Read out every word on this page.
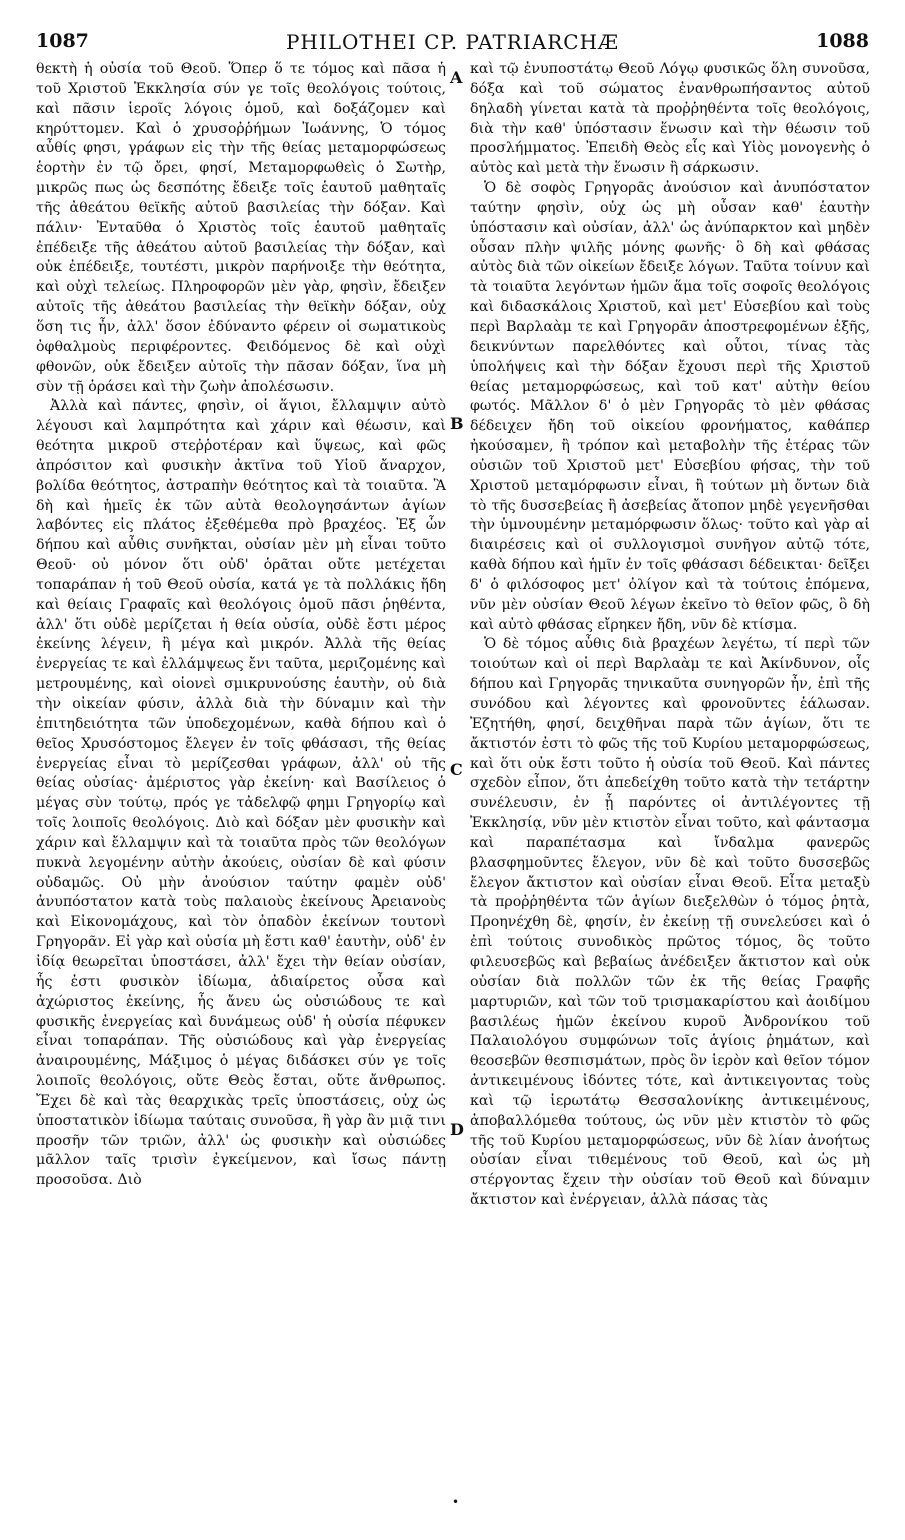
1087	PHILOTHEI CP. PATRIARCHÆ	1088

θεκτὴ ἡ οὐσία τοῦ Θεοῦ. Ὅπερ ὅ τε τόμος καὶ πᾶσα ἡ τοῦ Χριστοῦ Ἐκκλησία σύν γε τοῖς θεολόγοις τούτοις, καὶ πᾶσιν ἱεροῖς λόγοις ὁμοῦ, καὶ δοξάζομεν καὶ κηρύττομεν. Καὶ ὁ χρυσοῤῥήμων Ἰωάννης, Ὁ τόμος αὖθίς φησι, γράφων εἰς τὴν τῆς θείας μεταμορφώσεως ἑορτὴν ἐν τῷ ὄρει, φησί, Μεταμορφωθεὶς ὁ Σωτὴρ, μικρῶς πως ὡς δεσπότης ἔδειξε τοῖς ἑαυτοῦ μαθηταῖς τῆς ἀθεάτου θεϊκῆς αὐτοῦ βασιλείας τὴν δόξαν. Καὶ πάλιν· Ἐνταῦθα ὁ Χριστὸς τοῖς ἑαυτοῦ μαθηταῖς ἐπέδειξε τῆς ἀθεάτου αὐτοῦ βασιλείας τὴν δόξαν, καὶ οὐκ ἐπέδειξε, τουτέστι, μικρὸν παρήνοιξε τὴν θεότητα, καὶ οὐχὶ τελείως. Πληροφορῶν μὲν γὰρ, φησὶν, ἔδειξεν αὐτοῖς τῆς ἀθεάτου βασιλείας τὴν θεϊκὴν δόξαν, οὐχ ὅση τις ἦν, ἀλλ' ὅσον ἐδύναντο φέρειν οἱ σωματικοὺς ὀφθαλμοὺς περιφέροντες. Φειδόμενος δὲ καὶ οὐχὶ φθονῶν, οὐκ ἔδειξεν αὐτοῖς τὴν πᾶσαν δόξαν, ἵνα μὴ σὺν τῇ ὁράσει καὶ τὴν ζωὴν ἀπολέσωσιν.

Ἀλλὰ καὶ πάντες, φησὶν, οἱ ἅγιοι, ἔλλαμψιν αὐτὸ λέγουσι καὶ λαμπρότητα καὶ χάριν καὶ θέωσιν, καὶ θεότητα μικροῦ στεῤῥοτέραν καὶ ὕψεως, καὶ φῶς ἀπρόσιτον καὶ φυσικὴν ἀκτῖνα τοῦ Υἱοῦ ἄναρχον, βολίδα θεότητος, ἀστραπὴν θεότητος καὶ τὰ τοιαῦτα. Ἃ δὴ καὶ ἡμεῖς ἐκ τῶν αὐτὰ θεολογησάντων ἁγίων λαβόντες εἰς πλάτος ἐξεθέμεθα πρὸ βραχέος. Ἐξ ὧν δήπου καὶ αὖθις συνῆκται, οὐσίαν μὲν μὴ εἶναι τοῦτο Θεοῦ· οὐ μόνον ὅτι οὐδ' ὁρᾶται οὔτε μετέχεται τοπαράπαν ἡ τοῦ Θεοῦ οὐσία, κατά γε τὰ πολλάκις ἤδη καὶ θείαις Γραφαῖς καὶ θεολόγοις ὁμοῦ πᾶσι ῥηθέντα, ἀλλ' ὅτι οὐδὲ μερίζεται ἡ θεία οὐσία, οὐδὲ ἔστι μέρος ἐκείνης λέγειν, ἢ μέγα καὶ μικρόν. Ἀλλὰ τῆς θείας ἐνεργείας τε καὶ ἐλλάμψεως ἔνι ταῦτα, μεριζομένης καὶ μετρουμένης, καὶ οἱονεὶ σμικρυνούσης ἑαυτὴν, οὐ διὰ τὴν οἰκείαν φύσιν, ἀλλὰ διὰ τὴν δύναμιν καὶ τὴν ἐπιτηδειότητα τῶν ὑποδεχομένων, καθὰ δήπου καὶ ὁ θεῖος Χρυσόστομος ἔλεγεν ἐν τοῖς φθάσασι, τῆς θείας ἐνεργείας εἶναι τὸ μερίζεσθαι γράφων, ἀλλ' οὐ τῆς θείας οὐσίας· ἀμέριστος γὰρ ἐκείνη· καὶ Βασίλειος ὁ μέγας σὺν τούτῳ, πρός γε τἀδελφῷ φημι Γρηγορίῳ καὶ τοῖς λοιποῖς θεολόγοις. Διὸ καὶ δόξαν μὲν φυσικὴν καὶ χάριν καὶ ἔλλαμψιν καὶ τὰ τοιαῦτα πρὸς τῶν θεολόγων πυκνὰ λεγομένην αὐτὴν ἀκούεις, οὐσίαν δὲ καὶ φύσιν οὐδαμῶς. Οὐ μὴν ἀνούσιον ταύτην φαμὲν οὐδ' ἀνυπόστατον κατὰ τοὺς παλαιοὺς ἐκείνους Ἀρειανοὺς καὶ Εἰκονομάχους, καὶ τὸν ὀπαδὸν ἐκείνων τουτονὶ Γρηγορᾶν. Εἰ γὰρ καὶ οὐσία μὴ ἔστι καθ' ἑαυτὴν, οὐδ' ἐν ἰδίᾳ θεωρεῖται ὑποστάσει, ἀλλ' ἔχει τὴν θείαν οὐσίαν, ἧς ἐστι φυσικὸν ἰδίωμα, ἀδιαίρετος οὖσα καὶ ἀχώριστος ἐκείνης, ἧς ἄνευ ὡς οὐσιώδους τε καὶ φυσικῆς ἐνεργείας καὶ δυνάμεως οὐδ' ἡ οὐσία πέφυκεν εἶναι τοπαράπαν. Τῆς οὐσιώδους καὶ γὰρ ἐνεργείας ἀναιρουμένης, Μάξιμος ὁ μέγας διδάσκει σύν γε τοῖς λοιποῖς θεολόγοις, οὔτε Θεὸς ἔσται, οὔτε ἄνθρωπος. Ἔχει δὲ καὶ τὰς θεαρχικὰς τρεῖς ὑποστάσεις, οὐχ ὡς ὑποστατικὸν ἰδίωμα ταύταις συνοῦσα, ἢ γὰρ ἂν μιᾷ τινι προσῆν τῶν τριῶν, ἀλλ' ὡς φυσικὴν καὶ οὐσιώδες μᾶλλον ταῖς τρισὶν ἐγκείμενον, καὶ ἴσως πάντῃ προσοῦσα. Διὸ

A
B
C
D

καὶ τῷ ἐνυποστάτῳ Θεοῦ Λόγῳ φυσικῶς ὅλη συνοῦσα, δόξα καὶ τοῦ σώματος ἐνανθρωπήσαντος αὐτοῦ δηλαδὴ γίνεται κατὰ τὰ προῤῥηθέντα τοῖς θεολόγοις, διὰ τὴν καθ' ὑπόστασιν ἕνωσιν καὶ τὴν θέωσιν τοῦ προσλήμματος. Ἐπειδὴ Θεὸς εἷς καὶ Υἱὸς μονογενὴς ὁ αὐτὸς καὶ μετὰ τὴν ἕνωσιν ἢ σάρκωσιν.

Ὁ δὲ σοφὸς Γρηγορᾶς ἀνούσιον καὶ ἀνυπόστατον ταύτην φησὶν, οὐχ ὡς μὴ οὖσαν καθ' ἑαυτὴν ὑπόστασιν καὶ οὐσίαν, ἀλλ' ὡς ἀνύπαρκτον καὶ μηδὲν οὖσαν πλὴν ψιλῆς μόνης φωνῆς· ὃ δὴ καὶ φθάσας αὐτὸς διὰ τῶν οἰκείων ἔδειξε λόγων. Ταῦτα τοίνυν καὶ τὰ τοιαῦτα λεγόντων ἡμῶν ἅμα τοῖς σοφοῖς θεολόγοις καὶ διδασκάλοις Χριστοῦ, καὶ μετ' Εὐσεβίου καὶ τοὺς περὶ Βαρλαὰμ τε καὶ Γρηγορᾶν ἀποστρεφομένων ἐξῆς, δεικνύντων παρελθόντες καὶ οὗτοι, τίνας τὰς ὑπολήψεις καὶ τὴν δόξαν ἔχουσι περὶ τῆς Χριστοῦ θείας μεταμορφώσεως, καὶ τοῦ κατ' αὐτὴν θείου φωτός. Μᾶλλον δ' ὁ μὲν Γρηγορᾶς τὸ μὲν φθάσας δέδειχεν ἤδη τοῦ οἰκείου φρονήματος, καθάπερ ἠκούσαμεν, ἢ τρόπον καὶ μεταβολὴν τῆς ἑτέρας τῶν οὐσιῶν τοῦ Χριστοῦ μετ' Εὐσεβίου φήσας, τὴν τοῦ Χριστοῦ μεταμόρφωσιν εἶναι, ἢ τούτων μὴ ὄντων διὰ τὸ τῆς δυσσεβείας ἢ ἀσεβείας ἄτοπον μηδὲ γεγενῆσθαι τὴν ὑμνουμένην μεταμόρφωσιν ὅλως· τοῦτο καὶ γὰρ αἱ διαιρέσεις καὶ οἱ συλλογισμοὶ συνῆγον αὐτῷ τότε, καθὰ δήπου καὶ ἡμῖν ἐν τοῖς φθάσασι δέδεικται· δεῖξει δ' ὁ φιλόσοφος μετ' ὀλίγον καὶ τὰ τούτοις ἑπόμενα, νῦν μὲν οὐσίαν Θεοῦ λέγων ἐκεῖνο τὸ θεῖον φῶς, ὃ δὴ καὶ αὐτὸ φθάσας εἴρηκεν ἤδη, νῦν δὲ κτίσμα.

Ὁ δὲ τόμος αὖθις διὰ βραχέων λεγέτω, τί περὶ τῶν τοιούτων καὶ οἱ περὶ Βαρλαὰμ τε καὶ Ἀκίνδυνον, οἷς δήπου καὶ Γρηγορᾶς τηνικαῦτα συνηγορῶν ἦν, ἐπὶ τῆς συνόδου καὶ λέγοντες καὶ φρονοῦντες ἑάλωσαν. Ἐζητήθη, φησί, δειχθῆναι παρὰ τῶν ἁγίων, ὅτι τε ἄκτιστόν ἐστι τὸ φῶς τῆς τοῦ Κυρίου μεταμορφώσεως, καὶ ὅτι οὐκ ἔστι τοῦτο ἡ οὐσία τοῦ Θεοῦ. Καὶ πάντες σχεδὸν εἶπον, ὅτι ἀπεδείχθη τοῦτο κατὰ τὴν τετάρτην συνέλευσιν, ἐν ᾗ παρόντες οἱ ἀντιλέγοντες τῇ Ἐκκλησίᾳ, νῦν μὲν κτιστὸν εἶναι τοῦτο, καὶ φάντασμα καὶ παραπέτασμα καὶ ἴνδαλμα φανερῶς βλασφημοῦντες ἔλεγον, νῦν δὲ καὶ τοῦτο δυσσεβῶς ἔλεγον ἄκτιστον καὶ οὐσίαν εἶναι Θεοῦ. Εἶτα μεταξὺ τὰ προῤῥηθέντα τῶν ἁγίων διεξελθὼν ὁ τόμος ῥητὰ, Προηνέχθη δὲ, φησίν, ἐν ἐκείνῃ τῇ συνελεύσει καὶ ὁ ἐπὶ τούτοις συνοδικὸς πρῶτος τόμος, ὃς τοῦτο φιλευσεβῶς καὶ βεβαίως ἀνέδειξεν ἄκτιστον καὶ οὐκ οὐσίαν διὰ πολλῶν τῶν ἐκ τῆς θείας Γραφῆς μαρτυριῶν, καὶ τῶν τοῦ τρισμακαρίστου καὶ ἀοιδίμου βασιλέως ἡμῶν ἐκείνου κυροῦ Ἀνδρονίκου τοῦ Παλαιολόγου συμφώνων τοῖς ἁγίοις ῥημάτων, καὶ θεοσεβῶν θεσπισμάτων, πρὸς ὃν ἱερὸν καὶ θεῖον τόμον ἀντικειμένους ἰδόντες τότε, καὶ ἀντικειγοντας τοὺς καὶ τῷ ἱερωτάτῳ Θεσσαλονίκης ἀντικειμένους, ἀποβαλλόμεθα τούτους, ὡς νῦν μὲν κτιστὸν τὸ φῶς τῆς τοῦ Κυρίου μεταμορφώσεως, νῦν δὲ λίαν ἀνοήτως οὐσίαν εἶναι τιθεμένους τοῦ Θεοῦ, καὶ ὡς μὴ στέργοντας ἔχειν τὴν οὐσίαν τοῦ Θεοῦ καὶ δύναμιν ἄκτιστον καὶ ἐνέργειαν, ἀλλὰ πάσας τὰς

•
